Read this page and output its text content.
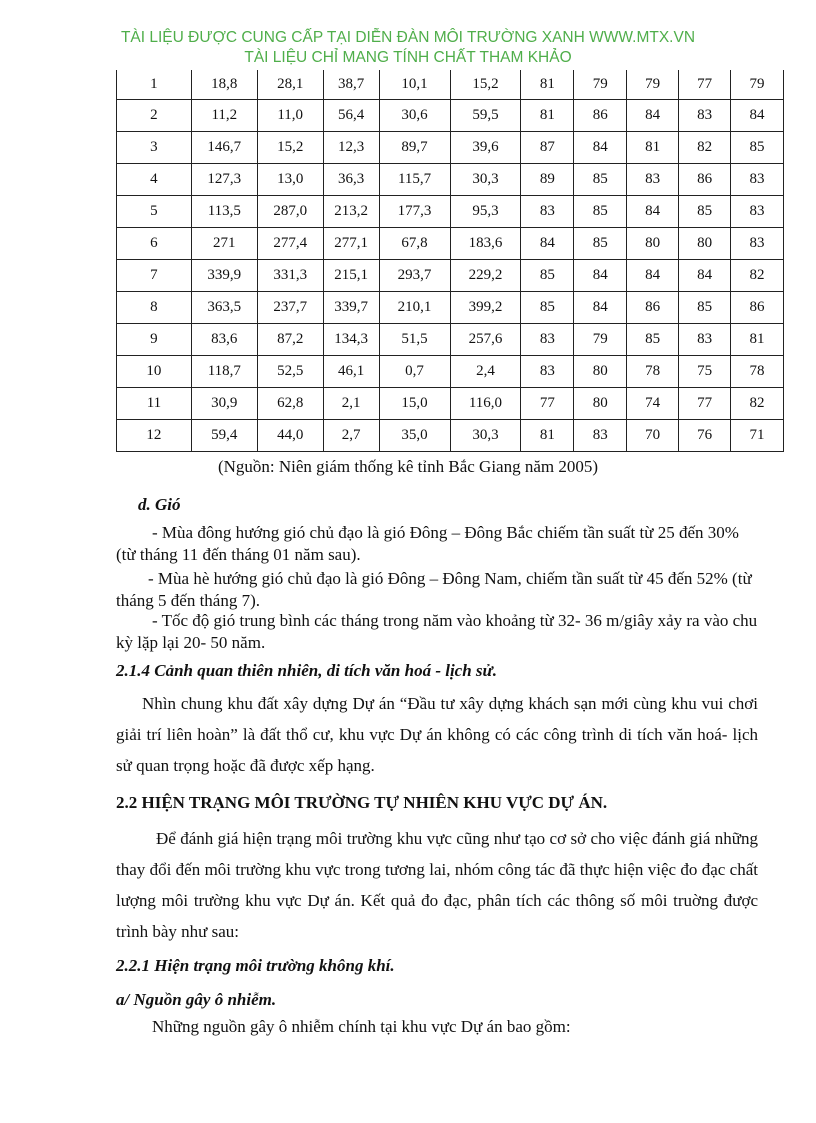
TÀI LIỆU ĐƯỢC CUNG CẤP TẠI DIỄN ĐÀN MÔI TRƯỜNG XANH WWW.MTX.VN
TÀI LIỆU CHỈ MANG TÍNH CHẤT THAM KHẢO
1	18,8	28,1	38,7	10,1	15,2	81	79	79	77	79
2	11,2	11,0	56,4	30,6	59,5	81	86	84	83	84
3	146,7	15,2	12,3	89,7	39,6	87	84	81	82	85
4	127,3	13,0	36,3	115,7	30,3	89	85	83	86	83
5	113,5	287,0	213,2	177,3	95,3	83	85	84	85	83
6	271	277,4	277,1	67,8	183,6	84	85	80	80	83
7	339,9	331,3	215,1	293,7	229,2	85	84	84	84	82
8	363,5	237,7	339,7	210,1	399,2	85	84	86	85	86
9	83,6	87,2	134,3	51,5	257,6	83	79	85	83	81
10	118,7	52,5	46,1	0,7	2,4	83	80	78	75	78
11	30,9	62,8	2,1	15,0	116,0	77	80	74	77	82
12	59,4	44,0	2,7	35,0	30,3	81	83	70	76	71
(Nguồn: Niên giám thống kê tỉnh Bắc Giang năm 2005)

d. Gió

- Mùa đông hướng gió chủ đạo là gió Đông – Đông Bắc chiếm tần suất từ 25 đến 30% (từ tháng 11 đến tháng 01 năm sau).

- Mùa hè hướng gió chủ đạo là gió Đông – Đông Nam, chiếm tần suất từ 45 đến 52% (từ tháng 5 đến tháng 7).

- Tốc độ gió trung bình các tháng trong năm vào khoảng từ 32- 36 m/giây xảy ra vào chu kỳ lặp lại 20- 50 năm.

2.1.4 Cảnh quan thiên nhiên, di tích văn hoá - lịch sử.

Nhìn chung khu đất xây dựng Dự án “Đầu tư xây dựng khách sạn mới cùng khu vui chơi giải trí liên hoàn” là đất thổ cư, khu vực Dự án không có các công trình di tích văn hoá- lịch sử quan trọng hoặc đã được xếp hạng.

2.2 HIỆN TRẠNG MÔI TRƯỜNG TỰ NHIÊN KHU VỰC DỰ ÁN.

Để đánh giá hiện trạng môi trường khu vực cũng như tạo cơ sở cho việc đánh giá những thay đổi đến môi trường khu vực trong tương lai, nhóm công tác đã thực hiện việc đo đạc chất lượng môi trường khu vực Dự án. Kết quả đo đạc, phân tích các thông số môi truờng được trình bày như sau:

2.2.1 Hiện trạng môi trường không khí.

a/ Nguồn gây ô nhiễm.

Những nguồn gây ô nhiễm chính tại khu vực Dự án bao gồm:
